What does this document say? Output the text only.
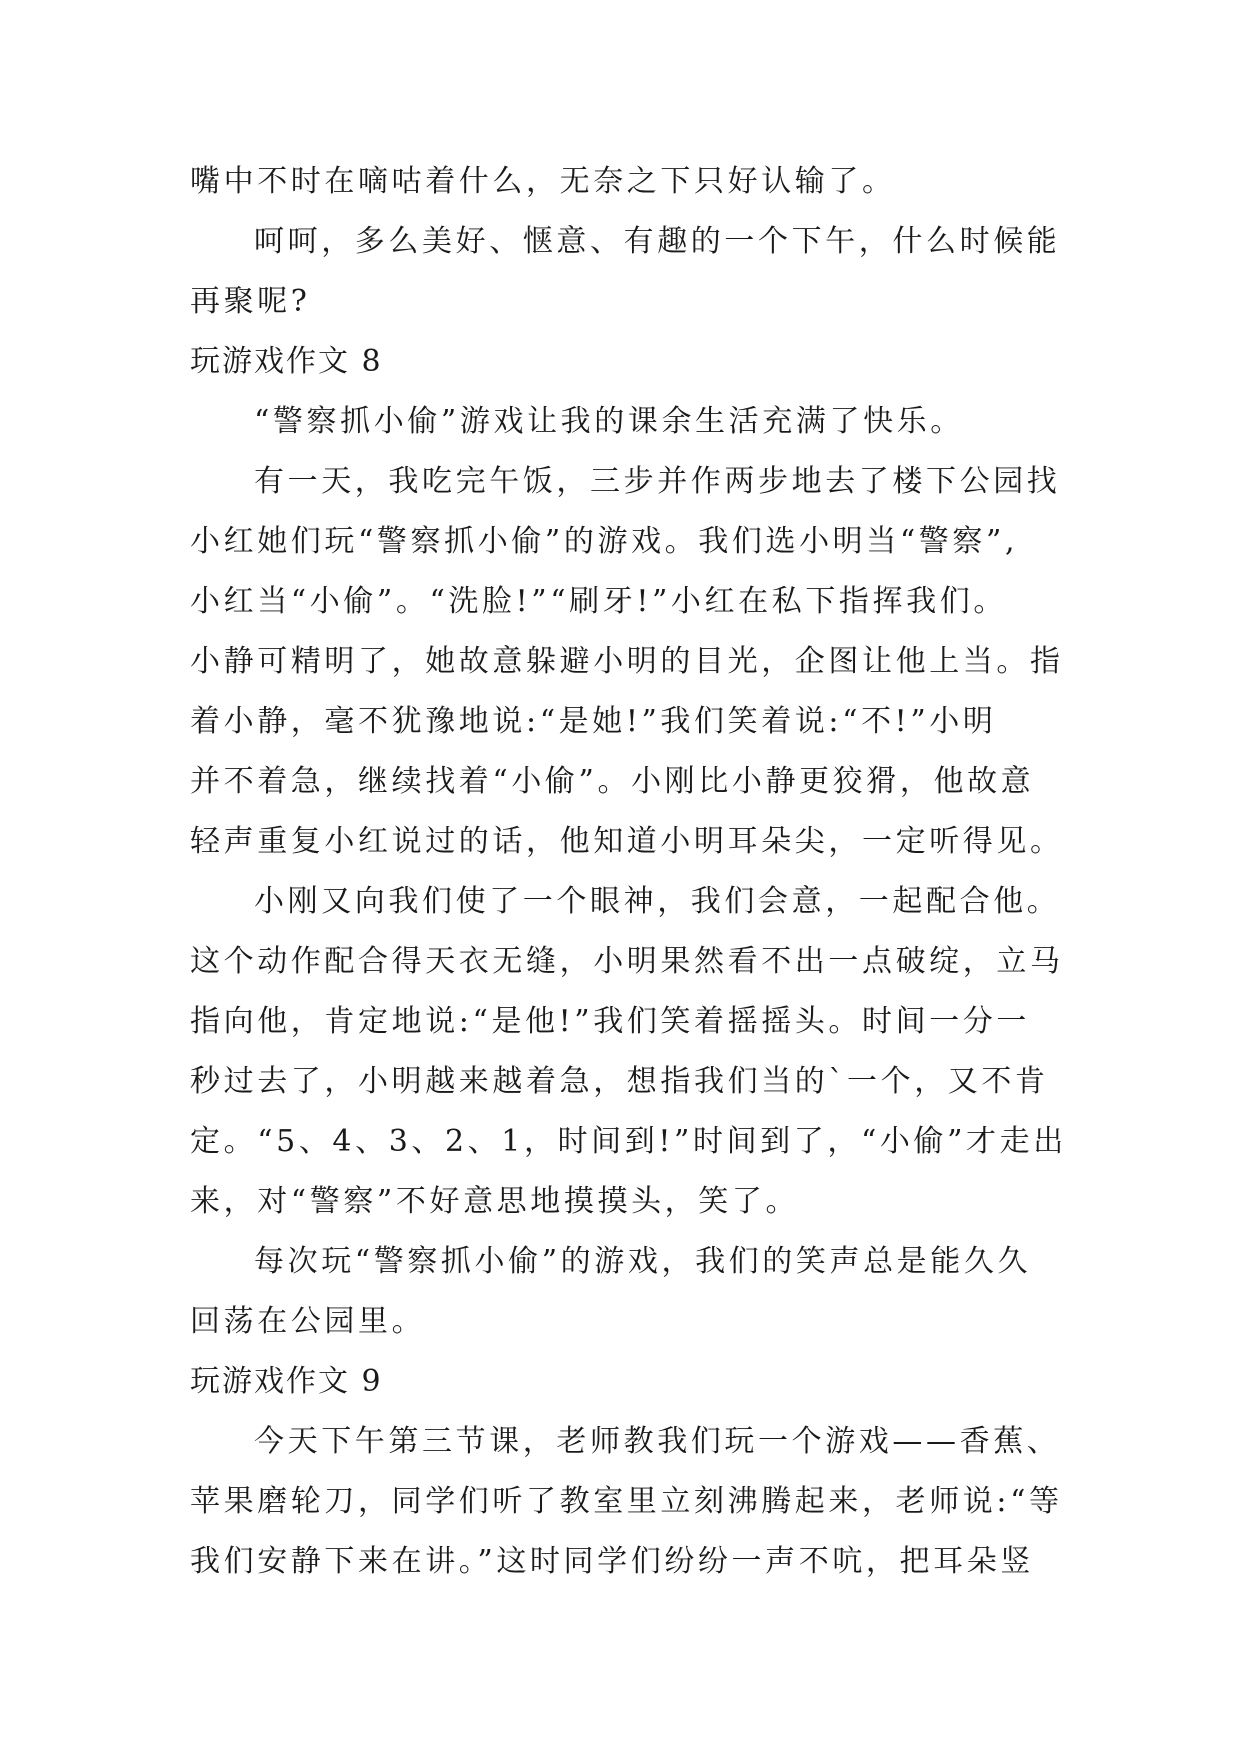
嘴中不时在嘀咕着什么，无奈之下只好认输了。
呵呵，多么美好、惬意、有趣的一个下午，什么时候能
再聚呢?
玩游戏作文 8
“警察抓小偷”游戏让我的课余生活充满了快乐。
有一天，我吃完午饭，三步并作两步地去了楼下公园找
小红她们玩“警察抓小偷”的游戏。我们选小明当“警察”,
小红当“小偷”。“洗脸!”“刷牙!”小红在私下指挥我们。
小静可精明了，她故意躲避小明的目光，企图让他上当。指
着小静，毫不犹豫地说:“是她!”我们笑着说:“不!”小明
并不着急，继续找着“小偷”。小刚比小静更狡猾，他故意
轻声重复小红说过的话，他知道小明耳朵尖，一定听得见。
小刚又向我们使了一个眼神，我们会意，一起配合他。
这个动作配合得天衣无缝，小明果然看不出一点破绽，立马
指向他，肯定地说:“是他!”我们笑着摇摇头。时间一分一
秒过去了，小明越来越着急，想指我们当的`一个，又不肯
定。“5、4、3、2、1，时间到!”时间到了，“小偷”才走出
来，对“警察”不好意思地摸摸头，笑了。
每次玩“警察抓小偷”的游戏，我们的笑声总是能久久
回荡在公园里。
玩游戏作文 9
今天下午第三节课，老师教我们玩一个游戏——香蕉、
苹果磨轮刀，同学们听了教室里立刻沸腾起来，老师说:“等
我们安静下来在讲。”这时同学们纷纷一声不吭，把耳朵竖
